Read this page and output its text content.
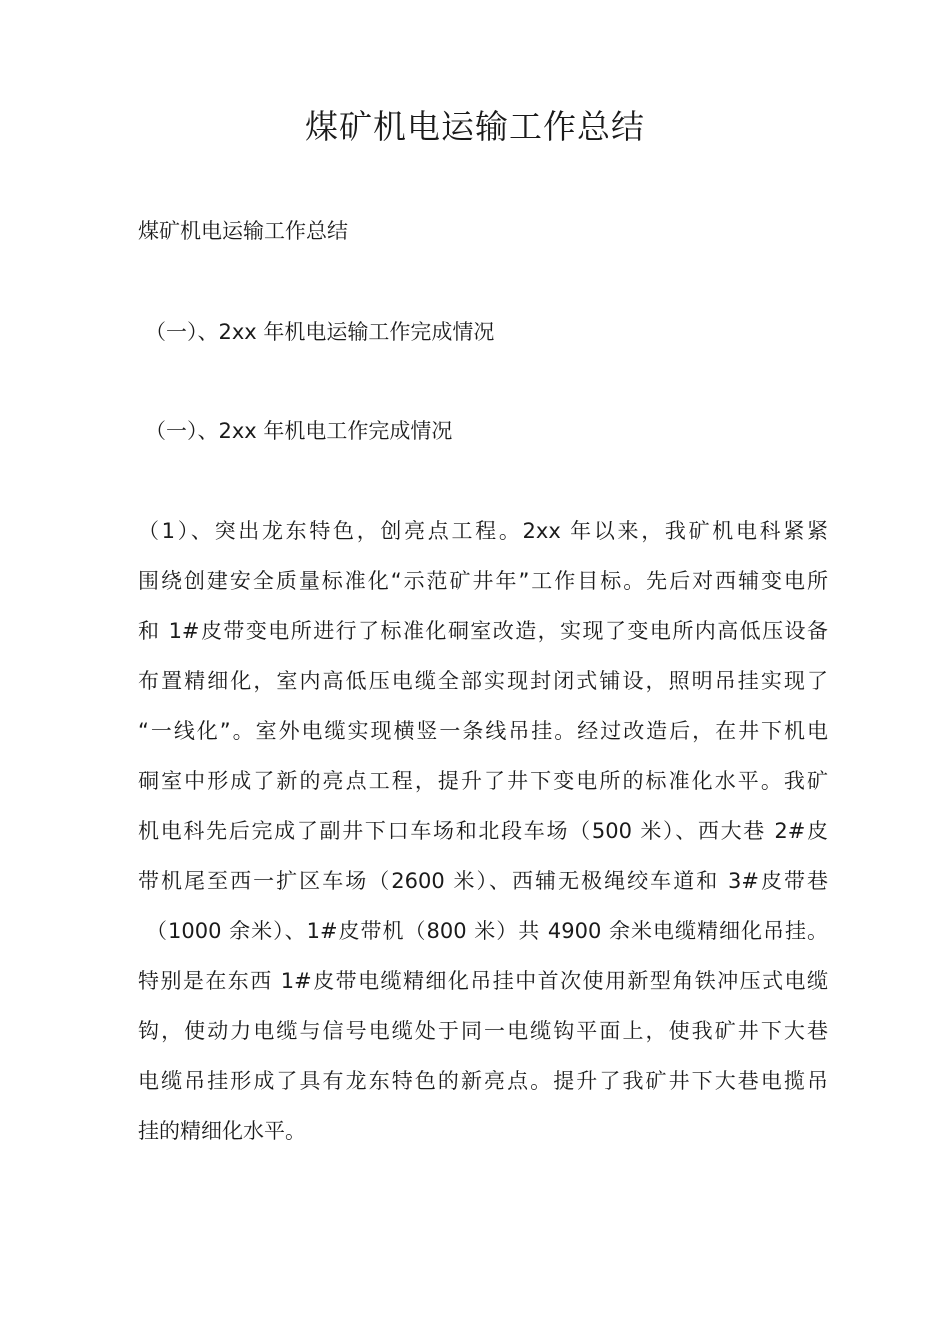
煤矿机电运输工作总结

煤矿机电运输工作总结

（一）、2xx 年机电运输工作完成情况

（一）、2xx 年机电工作完成情况

（1）、突出龙东特色，创亮点工程。2xx 年以来，我矿机电科紧紧
围绕创建安全质量标准化“示范矿井年”工作目标。先后对西辅变电所
和 1#皮带变电所进行了标准化硐室改造，实现了变电所内高低压设备
布置精细化，室内高低压电缆全部实现封闭式铺设，照明吊挂实现了
“一线化”。室外电缆实现横竖一条线吊挂。经过改造后，在井下机电
硐室中形成了新的亮点工程，提升了井下变电所的标准化水平。我矿
机电科先后完成了副井下口车场和北段车场（500 米）、西大巷 2#皮
带机尾至西一扩区车场（2600 米）、西辅无极绳绞车道和 3#皮带巷
（1000 余米）、1#皮带机（800 米）共 4900 余米电缆精细化吊挂。
特别是在东西 1#皮带电缆精细化吊挂中首次使用新型角铁冲压式电缆
钩，使动力电缆与信号电缆处于同一电缆钩平面上，使我矿井下大巷
电缆吊挂形成了具有龙东特色的新亮点。提升了我矿井下大巷电揽吊
挂的精细化水平。
